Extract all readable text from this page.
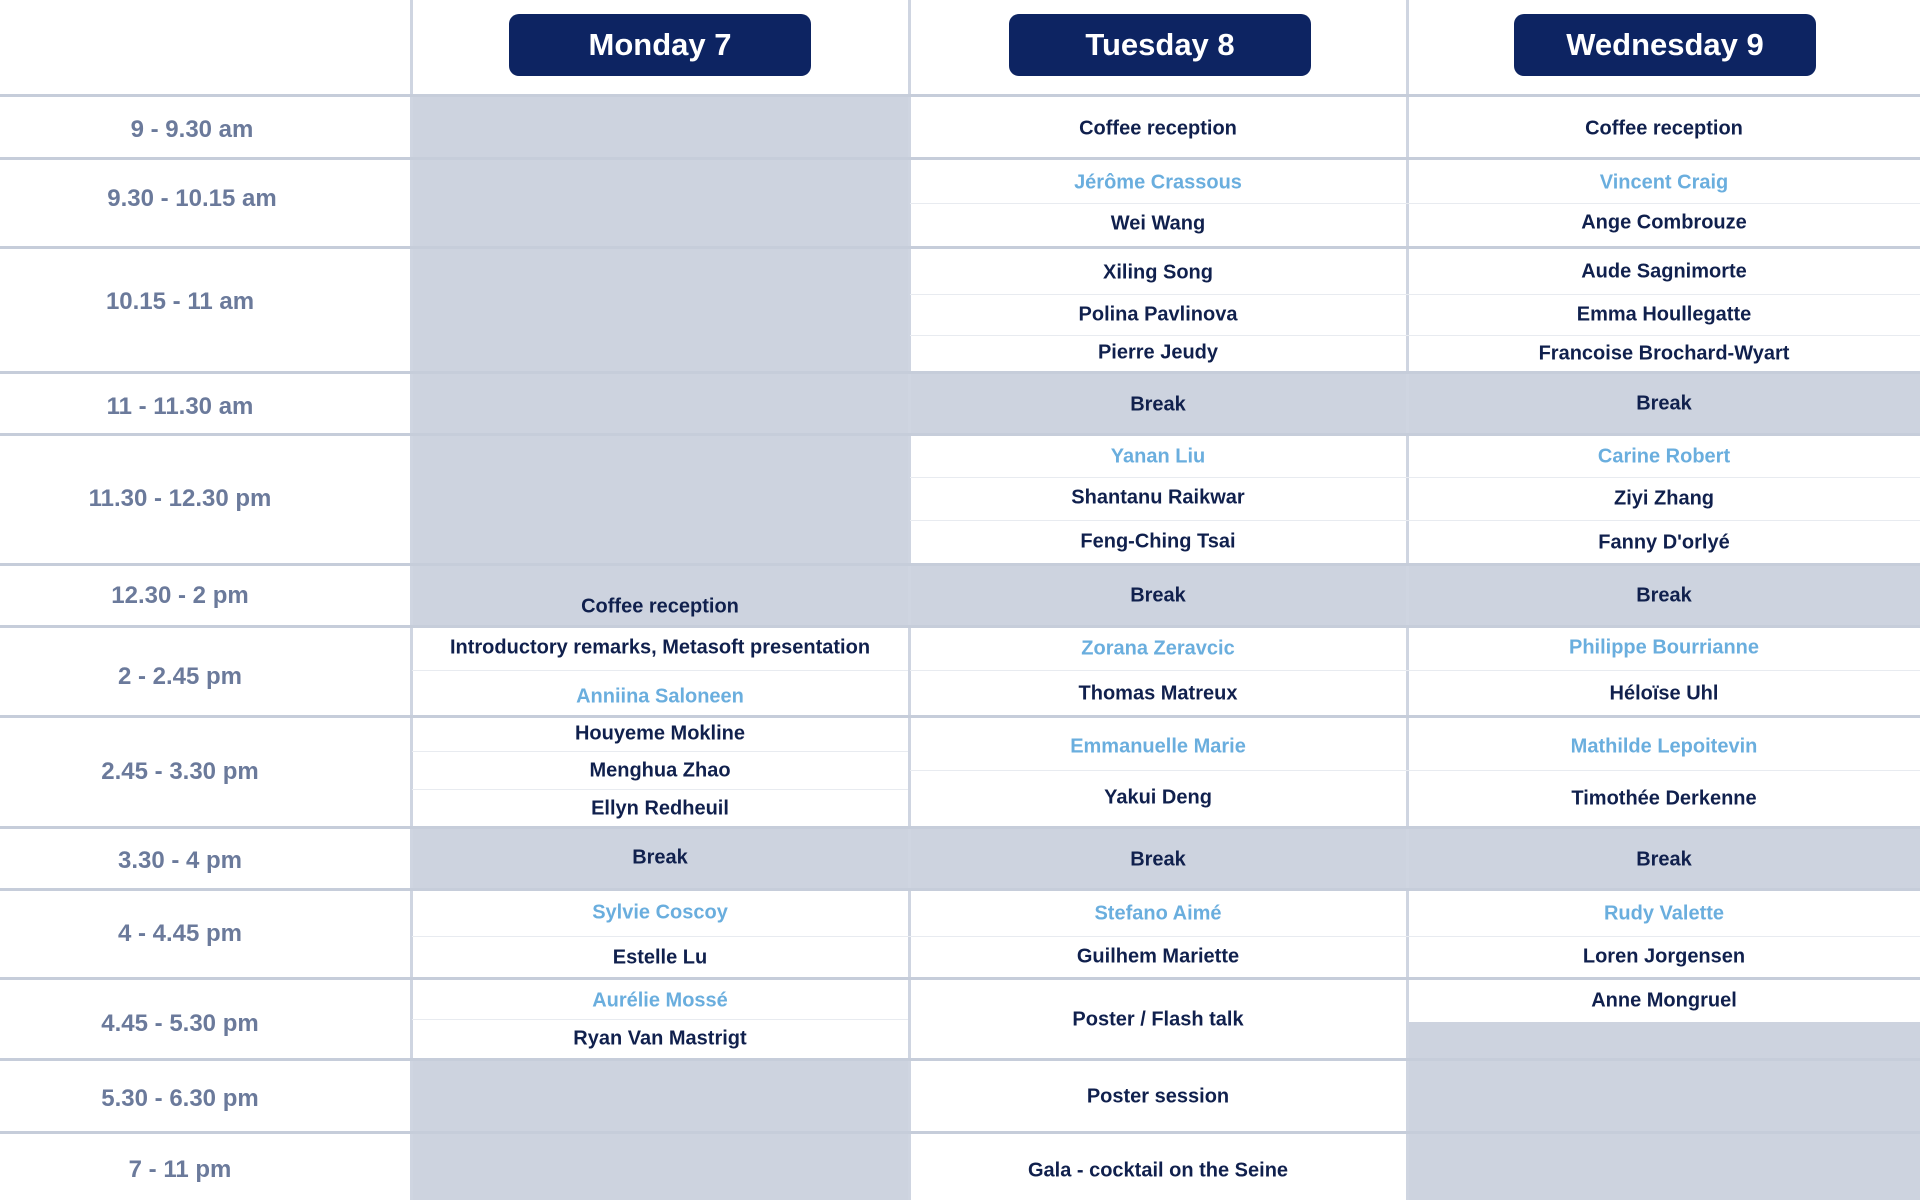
Monday 7	Tuesday 8	Wednesday 9
9 - 9.30 am
9.30 - 10.15 am
10.15 - 11 am
11 - 11.30 am
11.30 - 12.30 pm
12.30 - 2 pm
2 - 2.45 pm
2.45 - 3.30 pm
3.30 - 4 pm
4 - 4.45 pm
4.45 - 5.30 pm
5.30 - 6.30 pm
7 - 11 pm
Coffee reception
Introductory remarks, Metasoft presentation
Anniina Saloneen
Houyeme Mokline
Menghua Zhao
Ellyn Redheuil
Break
Sylvie Coscoy
Estelle Lu
Aurélie Mossé
Ryan Van Mastrigt
Coffee reception
Jérôme Crassous
Wei Wang
Xiling Song
Polina Pavlinova
Pierre Jeudy
Break
Yanan Liu
Shantanu Raikwar
Feng-Ching Tsai
Break
Zorana Zeravcic
Thomas Matreux
Emmanuelle Marie
Yakui Deng
Break
Stefano Aimé
Guilhem Mariette
Poster / Flash talk
Poster session
Gala - cocktail on the Seine
Coffee reception
Vincent Craig
Ange Combrouze
Aude Sagnimorte
Emma Houllegatte
Francoise Brochard-Wyart
Break
Carine Robert
Ziyi Zhang
Fanny D'orlyé
Break
Philippe Bourrianne
Héloïse Uhl
Mathilde Lepoitevin
Timothée Derkenne
Break
Rudy Valette
Loren Jorgensen
Anne Mongruel
